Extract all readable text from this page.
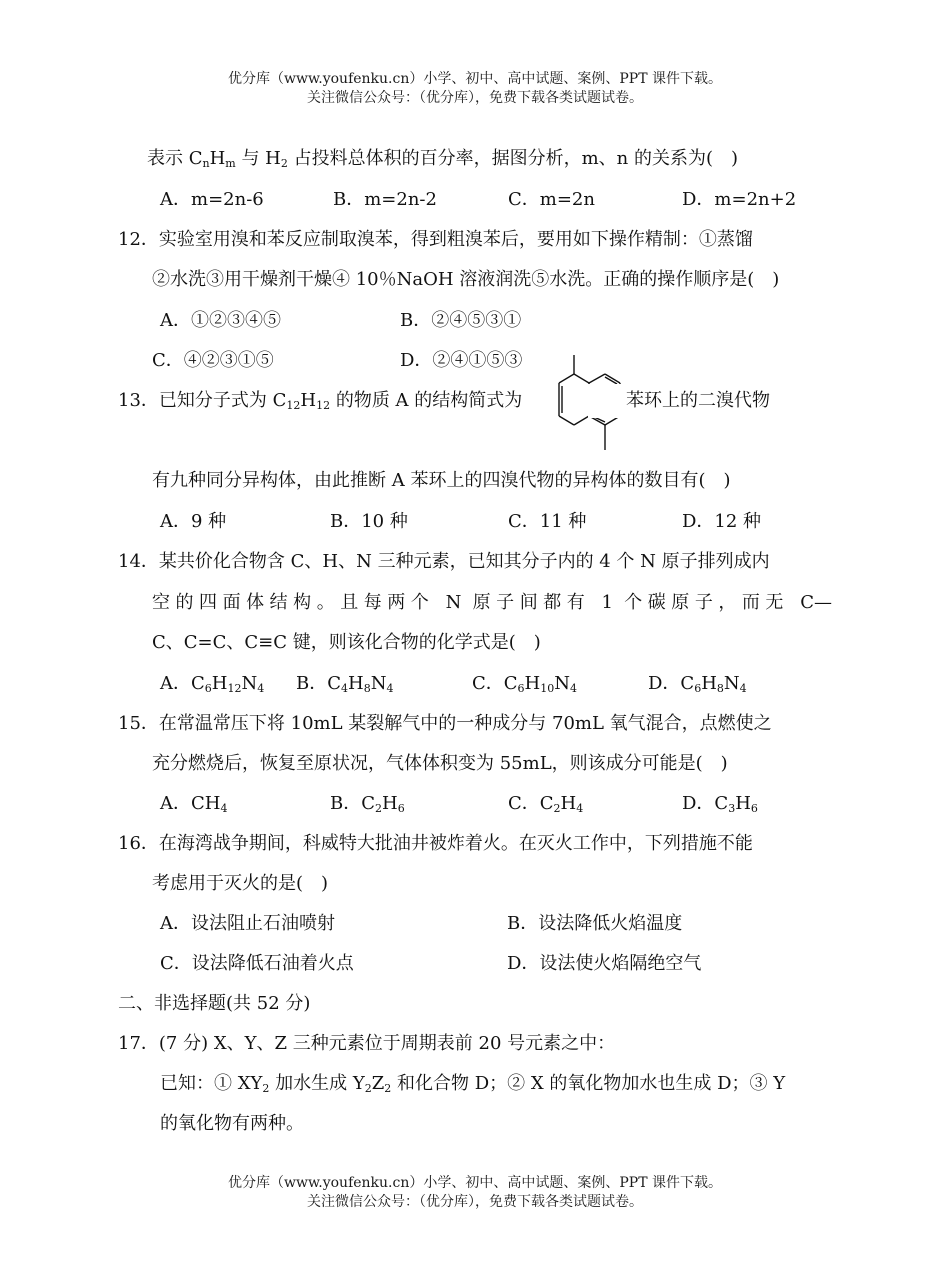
优分库（www.youfenku.cn）小学、初中、高中试题、案例、PPT 课件下载。
关注微信公众号：（优分库），免费下载各类试题试卷。
表示 $C_nH_m$ 与 $H_2$ 占投料总体积的百分率，据图分析，m、n 的关系为(　)
A．m=2n-6	B．m=2n-2	C．m=2n	D．m=2n+2
12．实验室用溴和苯反应制取溴苯，得到粗溴苯后，要用如下操作精制：①蒸馏
②水洗③用干燥剂干燥④ 10％NaOH 溶液润洗⑤水洗。正确的操作顺序是(　)
A．①②③④⑤	B．②④⑤③①
C．④②③①⑤	D．②④①⑤③
13．已知分子式为 $C_{12}H_{12}$ 的物质 A 的结构简式为	苯环上的二溴代物
有九种同分异构体，由此推断 A 苯环上的四溴代物的异构体的数目有(　)
A．9 种	B．10 种	C．11 种	D．12 种
14．某共价化合物含 C、H、N 三种元素，已知其分子内的 4 个 N 原子排列成内
空的四面体结构。且每两个 N 原子间都有 1 个碳原子，而无 C—
C、C=C、C≡C 键，则该化合物的化学式是(　)
A．$C_6H_{12}N_4$ B．$C_4H_8N_4$	C．$C_6H_{10}N_4$	D．$C_6H_8N_4$
15．在常温常压下将 10mL 某裂解气中的一种成分与 70mL 氧气混合，点燃使之
充分燃烧后，恢复至原状况，气体体积变为 55mL，则该成分可能是(　)
A．$CH_4$	B．$C_2H_6$	C．$C_2H_4$	D．$C_3H_6$
16．在海湾战争期间，科威特大批油井被炸着火。在灭火工作中，下列措施不能
考虑用于灭火的是(　)
A．设法阻止石油喷射	B．设法降低火焰温度
C．设法降低石油着火点	D．设法使火焰隔绝空气
二、非选择题(共 52 分)
17．(7 分) X、Y、Z 三种元素位于周期表前 20 号元素之中：
已知：① $XY_2$ 加水生成 $Y_2Z_2$ 和化合物 D；② X 的氧化物加水也生成 D；③ Y
的氧化物有两种。
优分库（www.youfenku.cn）小学、初中、高中试题、案例、PPT 课件下载。
关注微信公众号：（优分库），免费下载各类试题试卷。
